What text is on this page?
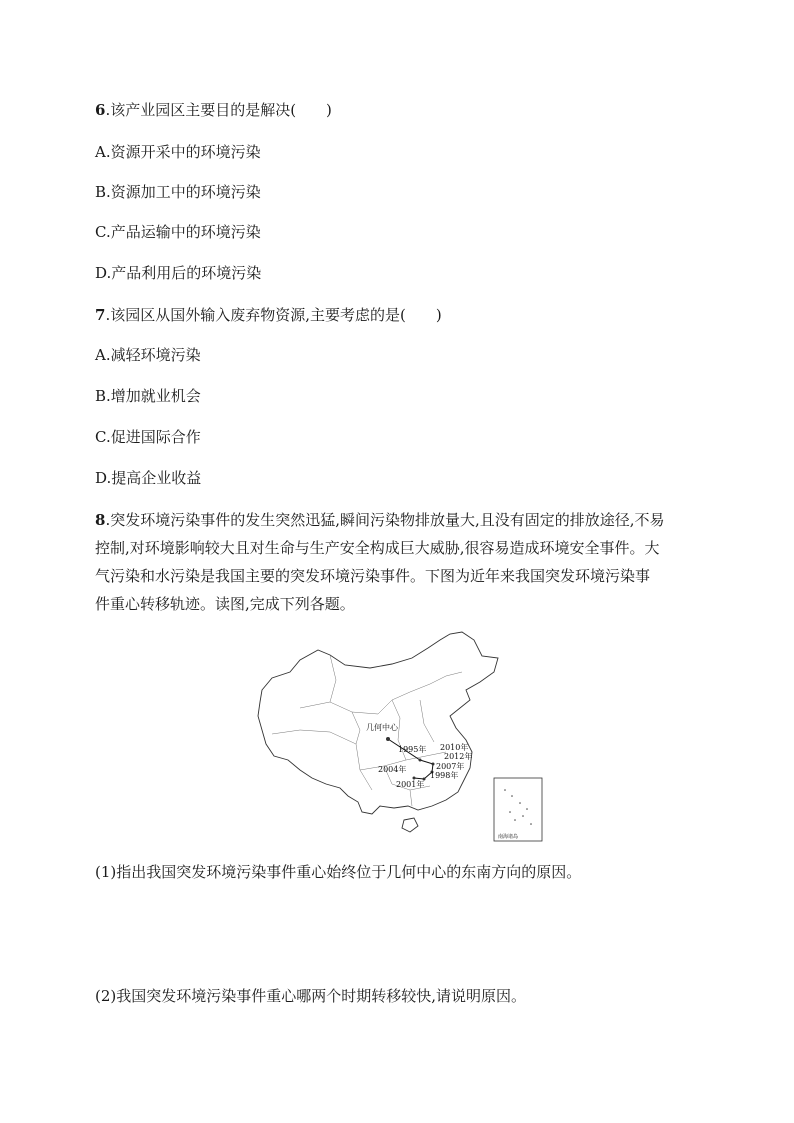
6.该产业园区主要目的是解决(　　)
A.资源开采中的环境污染
B.资源加工中的环境污染
C.产品运输中的环境污染
D.产品利用后的环境污染
7.该园区从国外输入废弃物资源,主要考虑的是(　　)
A.减轻环境污染
B.增加就业机会
C.促进国际合作
D.提高企业收益
8.突发环境污染事件的发生突然迅猛,瞬间污染物排放量大,且没有固定的排放途径,不易
控制,对环境影响较大且对生命与生产安全构成巨大威胁,很容易造成环境安全事件。大
气污染和水污染是我国主要的突发环境污染事件。下图为近年来我国突发环境污染事
件重心转移轨迹。读图,完成下列各题。
几何中心
1995年 2010年
2012年
2007年
1998年
2004年
2001年
南海诸岛
(1)指出我国突发环境污染事件重心始终位于几何中心的东南方向的原因。
(2)我国突发环境污染事件重心哪两个时期转移较快,请说明原因。
